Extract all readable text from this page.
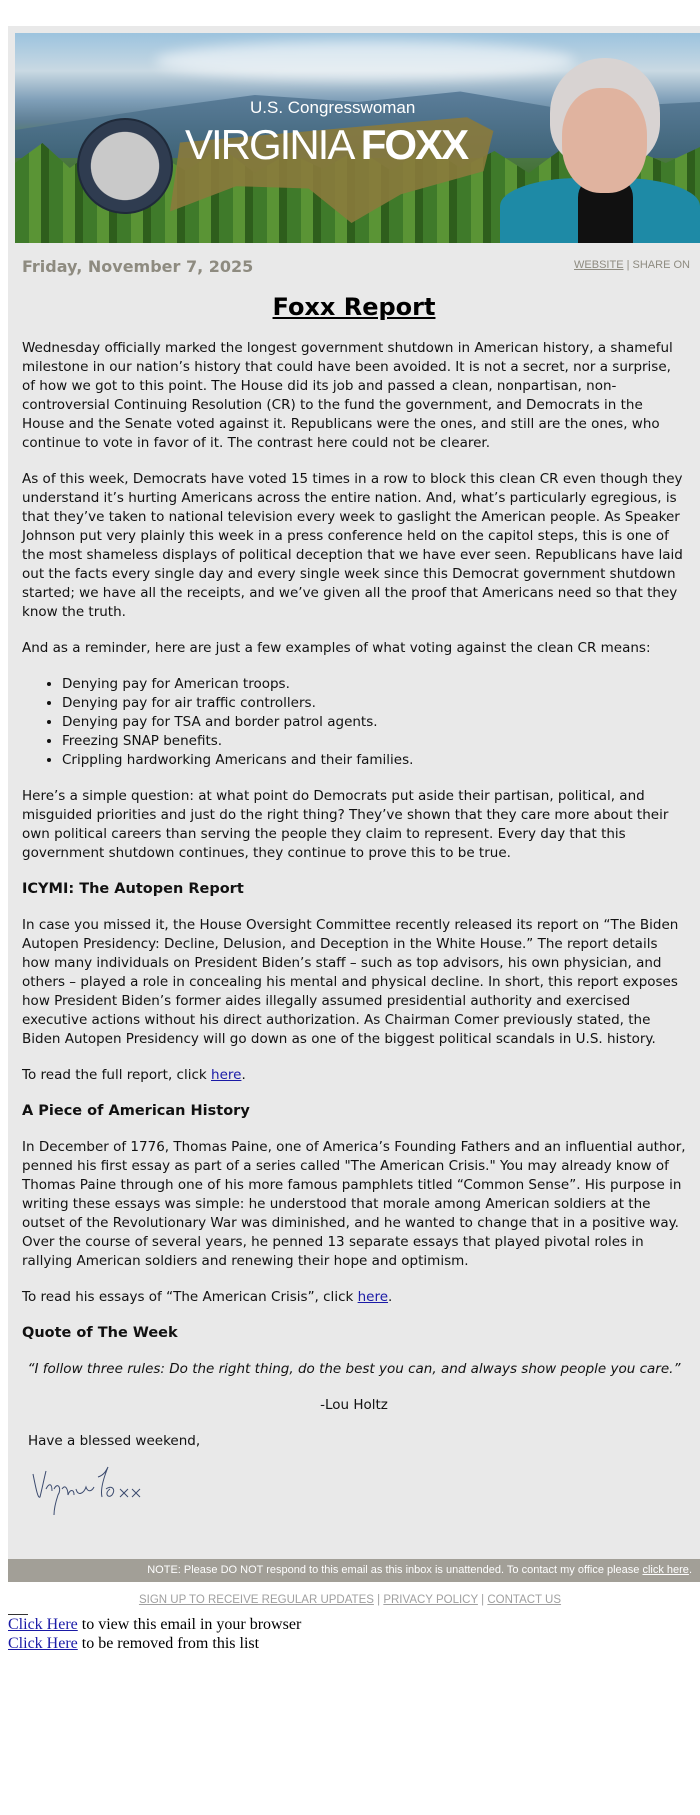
U.S. Congresswoman
VIRGINIA FOXX
Friday, November 7, 2025	WEBSITE | SHARE ON
Foxx Report

Wednesday officially marked the longest government shutdown in American history, a shameful milestone in our nation’s history that could have been avoided. It is not a secret, nor a surprise, of how we got to this point. The House did its job and passed a clean, nonpartisan, non-controversial Continuing Resolution (CR) to the fund the government, and Democrats in the House and the Senate voted against it. Republicans were the ones, and still are the ones, who continue to vote in favor of it. The contrast here could not be clearer.

As of this week, Democrats have voted 15 times in a row to block this clean CR even though they understand it’s hurting Americans across the entire nation. And, what’s particularly egregious, is that they’ve taken to national television every week to gaslight the American people. As Speaker Johnson put very plainly this week in a press conference held on the capitol steps, this is one of the most shameless displays of political deception that we have ever seen. Republicans have laid out the facts every single day and every single week since this Democrat government shutdown started; we have all the receipts, and we’ve given all the proof that Americans need so that they know the truth.

And as a reminder, here are just a few examples of what voting against the clean CR means:

• Denying pay for American troops.
• Denying pay for air traffic controllers.
• Denying pay for TSA and border patrol agents.
• Freezing SNAP benefits.
• Crippling hardworking Americans and their families.

Here’s a simple question: at what point do Democrats put aside their partisan, political, and misguided priorities and just do the right thing? They’ve shown that they care more about their own political careers than serving the people they claim to represent. Every day that this government shutdown continues, they continue to prove this to be true.

ICYMI: The Autopen Report

In case you missed it, the House Oversight Committee recently released its report on “The Biden Autopen Presidency: Decline, Delusion, and Deception in the White House.” The report details how many individuals on President Biden’s staff – such as top advisors, his own physician, and others – played a role in concealing his mental and physical decline. In short, this report exposes how President Biden’s former aides illegally assumed presidential authority and exercised executive actions without his direct authorization. As Chairman Comer previously stated, the Biden Autopen Presidency will go down as one of the biggest political scandals in U.S. history.

To read the full report, click here.

A Piece of American History

In December of 1776, Thomas Paine, one of America’s Founding Fathers and an influential author, penned his first essay as part of a series called "The American Crisis." You may already know of Thomas Paine through one of his more famous pamphlets titled “Common Sense”. His purpose in writing these essays was simple: he understood that morale among American soldiers at the outset of the Revolutionary War was diminished, and he wanted to change that in a positive way. Over the course of several years, he penned 13 separate essays that played pivotal roles in rallying American soldiers and renewing their hope and optimism.

To read his essays of “The American Crisis”, click here.

Quote of The Week

“I follow three rules: Do the right thing, do the best you can, and always show people you care.”

-Lou Holtz

Have a blessed weekend,
NOTE: Please DO NOT respond to this email as this inbox is unattended. To contact my office please click here.
SIGN UP TO RECEIVE REGULAR UPDATES | PRIVACY POLICY | CONTACT US
Click Here to view this email in your browser
Click Here to be removed from this list
